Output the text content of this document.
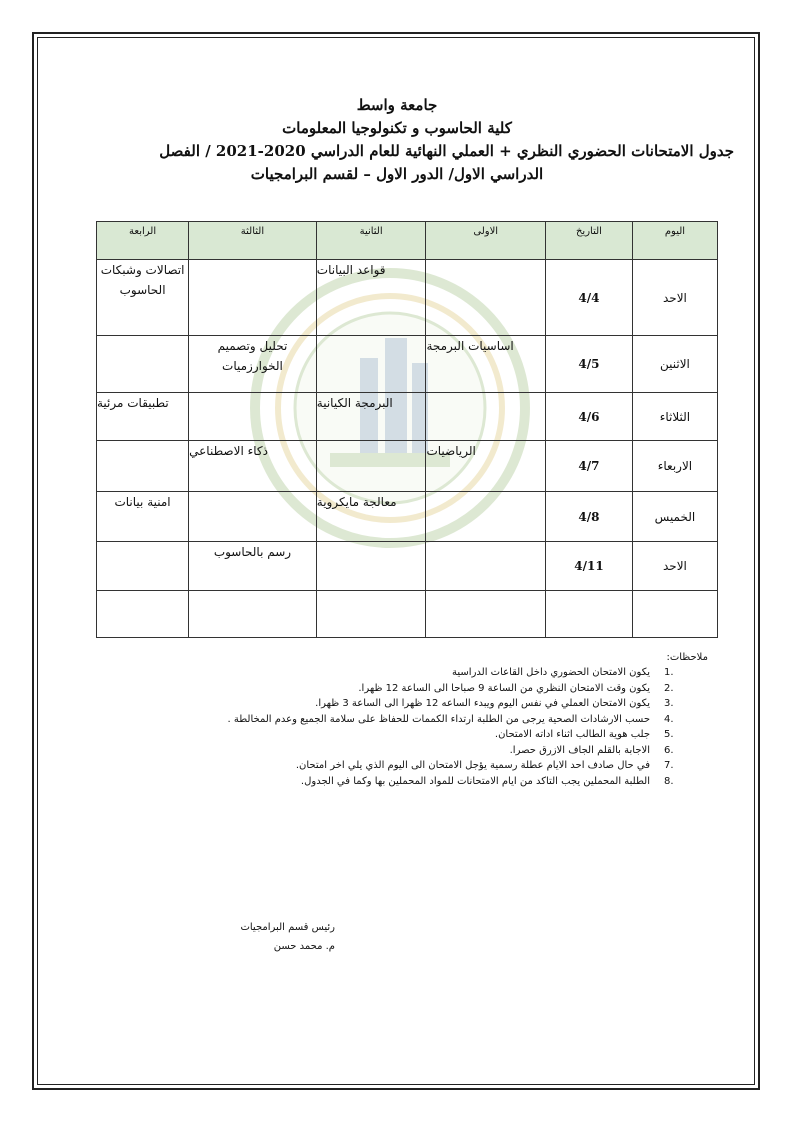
جامعة واسط
كلية الحاسوب و تكنولوجيا المعلومات
جدول الامتحانات الحضوري النظري + العملي النهائية للعام الدراسي 2020-2021 / الفصل
الدراسي الاول/ الدور الاول – لقسم البرامجيات
اليوم	التاريخ	الاولى	الثانية	الثالثة	الرابعة
الاحد	4/4		قواعد البيانات		اتصالات وشبكات الحاسوب
الاثنين	4/5	اساسيات البرمجة		تحليل وتصميم الخوارزميات	
الثلاثاء	4/6		البرمجة الكيانية		تطبيقات مرئية
الاربعاء	4/7	الرياضيات		ذكاء الاصطناعي	
الخميس	4/8		معالجة مايكروية		امنية بيانات
الاحد	4/11			رسم بالحاسوب	

ملاحظات:
1.
يكون الامتحان الحضوري داخل القاعات الدراسية
2.
يكون وقت الامتحان النظري من الساعة 9 صباحا الى الساعة 12 ظهرا.
3.
يكون الامتحان العملي في نفس اليوم ويبدء الساعه 12 ظهرا الى الساعة 3 ظهرا.
4.
حسب الارشادات الصحية يرجى من الطلبة ارتداء الكممات للحفاظ على سلامة الجميع وعدم المخالطة .
5.
جلب هوية الطالب اثناء اداته الامتحان.
6.
الاجابة بالقلم الجاف الازرق حصرا.
7.
في حال صادف احد الايام عطلة رسمية يؤجل الامتحان الى اليوم الذي يلي اخر امتحان.
8.
الطلبة المحملين يجب التاكد من ايام الامتحانات للمواد المحملين بها وكما في الجدول.
رئيس قسم البرامجيات
م. محمد حسن
